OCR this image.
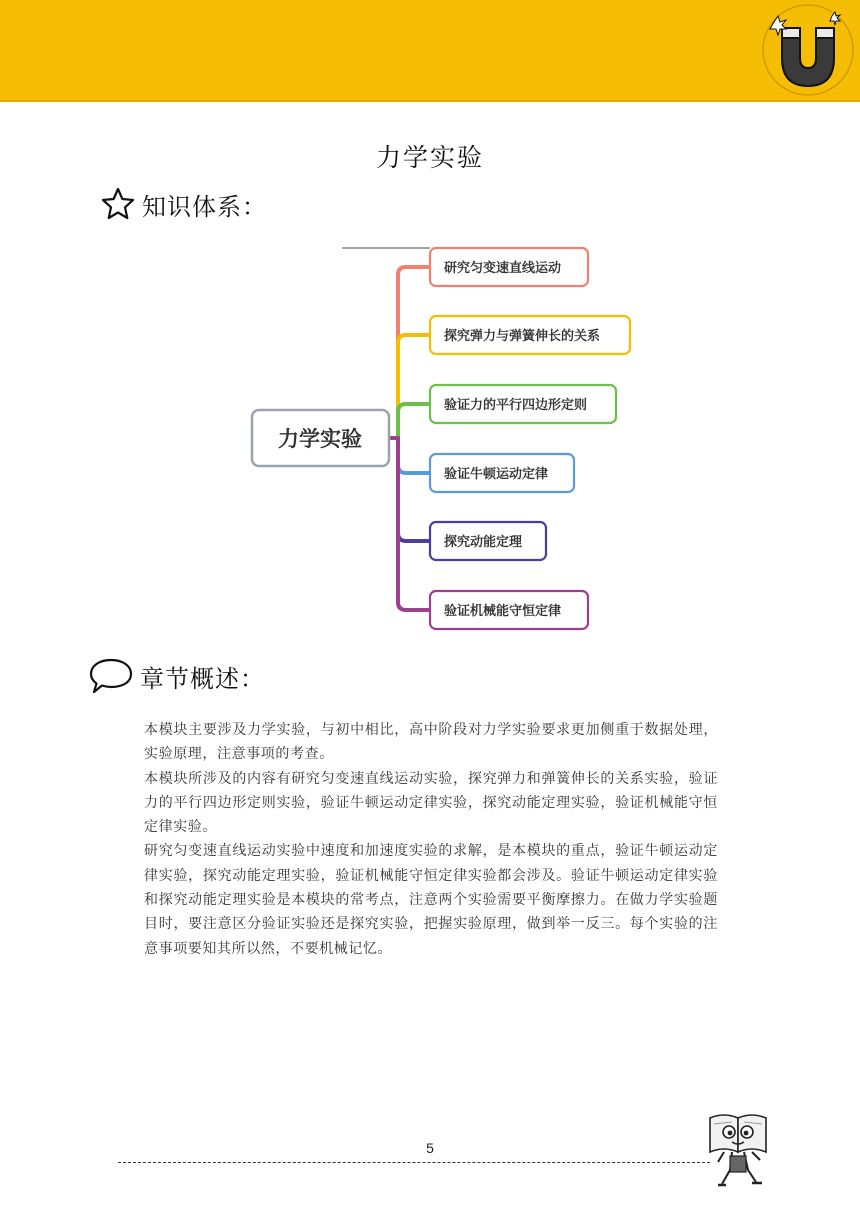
力学实验
知识体系：
力学实验
研究匀变速直线运动
探究弹力与弹簧伸长的关系
验证力的平行四边形定则
验证牛顿运动定律
探究动能定理
验证机械能守恒定律
章节概述：

本模块主要涉及力学实验，与初中相比，高中阶段对力学实验要求更加侧重于数据处理，实验原理，注意事项的考查。

本模块所涉及的内容有研究匀变速直线运动实验，探究弹力和弹簧伸长的关系实验，验证力的平行四边形定则实验，验证牛顿运动定律实验，探究动能定理实验，验证机械能守恒定律实验。

研究匀变速直线运动实验中速度和加速度实验的求解，是本模块的重点，验证牛顿运动定律实验，探究动能定理实验，验证机械能守恒定律实验都会涉及。验证牛顿运动定律实验和探究动能定理实验是本模块的常考点，注意两个实验需要平衡摩擦力。在做力学实验题目时，要注意区分验证实验还是探究实验，把握实验原理，做到举一反三。每个实验的注意事项要知其所以然，不要机械记忆。

5
